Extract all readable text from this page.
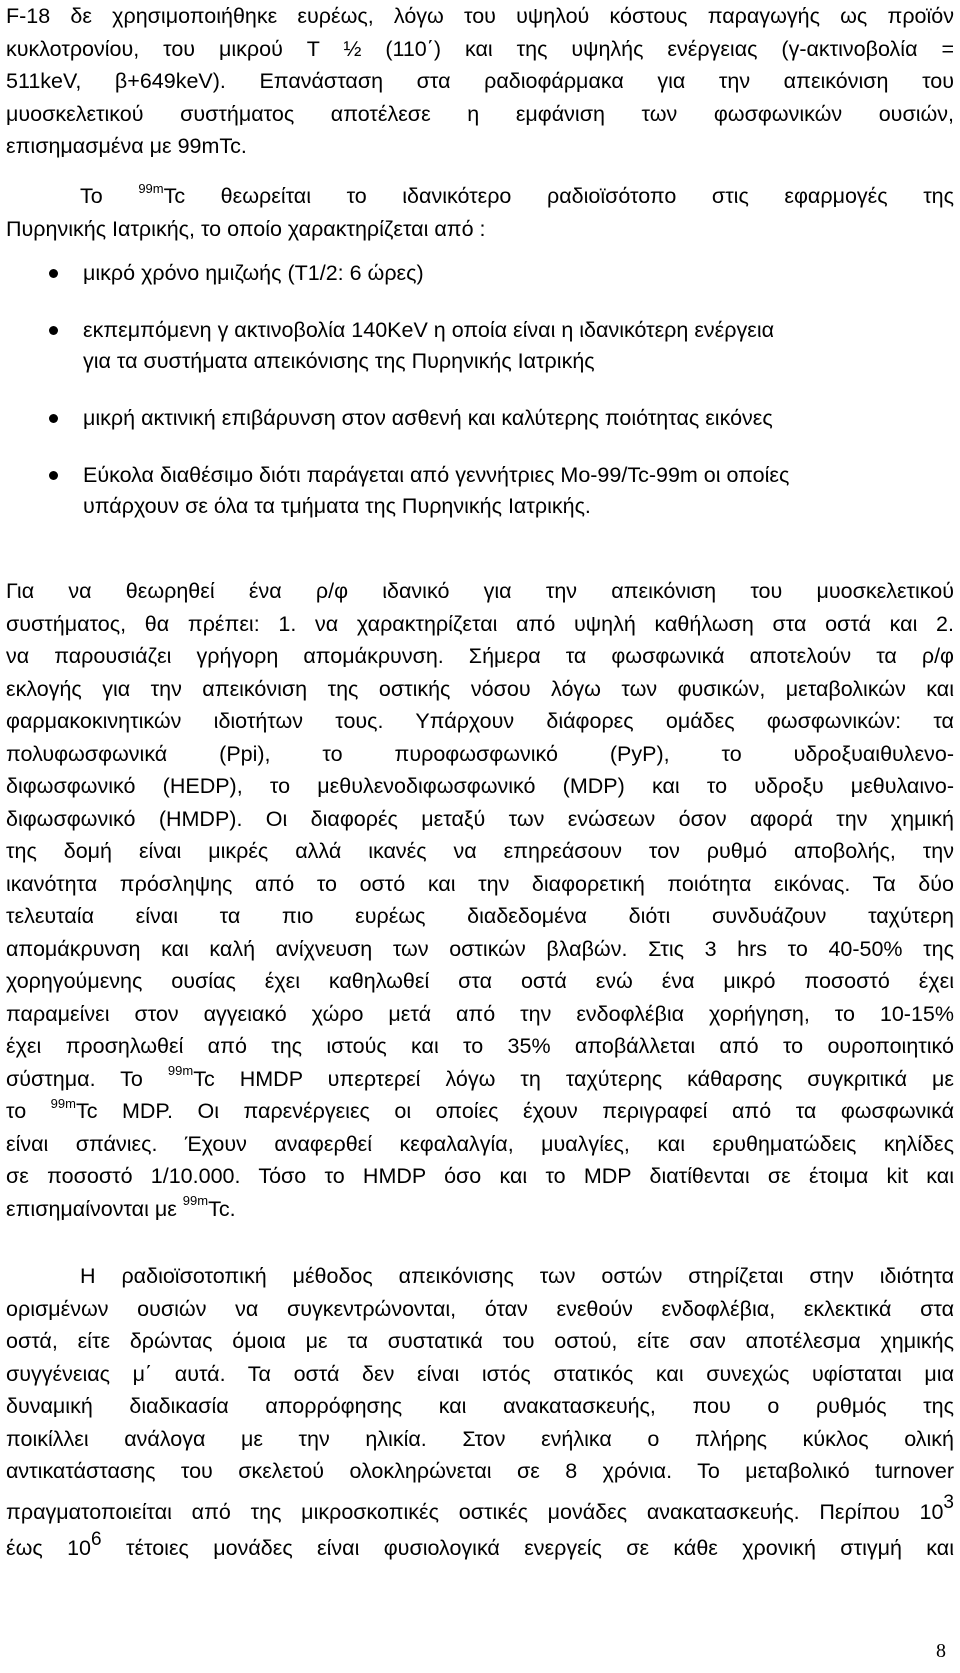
F-18 δε χρησιμοποιήθηκε ευρέως, λόγω του υψηλού κόστους παραγωγής ως προϊόν
κυκλοτρονίου, του μικρού T ½ (110΄) και της υψηλής ενέργειας (γ-ακτινοβολία =
511keV, β+649keV). Επανάσταση στα ραδιοφάρμακα για την απεικόνιση του
μυοσκελετικού συστήματος αποτέλεσε η εμφάνιση των φωσφωνικών ουσιών,
επισημασμένα με 99mTc.
Το $^{99m}$Tc θεωρείται το ιδανικότερο ραδιοϊσότοπο στις εφαρμογές της
Πυρηνικής Ιατρικής, το οποίο χαρακτηρίζεται από :
μικρό χρόνο ημιζωής (Τ1/2: 6 ώρες)
εκπεμπόμενη γ ακτινοβολία 140KeV η οποία είναι η ιδανικότερη ενέργεια
για τα συστήματα απεικόνισης της Πυρηνικής Ιατρικής
μικρή ακτινική επιβάρυνση στον ασθενή και καλύτερης ποιότητας εικόνες
Εύκολα διαθέσιμο διότι παράγεται από γεννήτριες Mo-99/Tc-99m οι οποίες
υπάρχουν σε όλα τα τμήματα της Πυρηνικής Ιατρικής.
Για να θεωρηθεί ένα ρ/φ ιδανικό για την απεικόνιση του μυοσκελετικού
συστήματος, θα πρέπει: 1. να χαρακτηρίζεται από υψηλή καθήλωση στα οστά και 2.
να παρουσιάζει γρήγορη απομάκρυνση. Σήμερα τα φωσφωνικά αποτελούν τα ρ/φ
εκλογής για την απεικόνιση της οστικής νόσου λόγω των φυσικών, μεταβολικών και
φαρμακοκινητικών ιδιοτήτων τους. Υπάρχουν διάφορες ομάδες φωσφωνικών: τα
πολυφωσφωνικά (Ppi), το πυροφωσφωνικό (PyP), το υδροξυαιθυλενο-
διφωσφωνικό (HEDP), το μεθυλενοδιφωσφωνικό (MDP) και το υδροξυ μεθυλαινο-
διφωσφωνικό (HMDP). Οι διαφορές μεταξύ των ενώσεων όσον αφορά την χημική
της δομή είναι μικρές αλλά ικανές να επηρεάσουν τον ρυθμό αποβολής, την
ικανότητα πρόσληψης από το οστό και την διαφορετική ποιότητα εικόνας. Τα δύο
τελευταία είναι τα πιο ευρέως διαδεδομένα διότι συνδυάζουν ταχύτερη
απομάκρυνση και καλή ανίχνευση των οστικών βλαβών. Στις 3 hrs το 40-50% της
χορηγούμενης ουσίας έχει καθηλωθεί στα οστά ενώ ένα μικρό ποσοστό έχει
παραμείνει στον αγγειακό χώρο μετά από την ενδοφλέβια χορήγηση, το 10-15%
έχει προσηλωθεί από της ιστούς και το 35% αποβάλλεται από το ουροποιητικό
σύστημα. Το $^{99m}$Tc HMDP υπερτερεί λόγω τη ταχύτερης κάθαρσης συγκριτικά με
το $^{99m}$Tc MDP. Οι παρενέργειες οι οποίες έχουν περιγραφεί από τα φωσφωνικά
είναι σπάνιες. Έχουν αναφερθεί κεφαλαλγία, μυαλγίες, και ερυθηματώδεις κηλίδες
σε ποσοστό 1/10.000. Τόσο το HMDP όσο και το MDP διατίθενται σε έτοιμα kit και
επισημαίνονται με $^{99m}$Tc.
Η ραδιοϊσοτοπική μέθοδος απεικόνισης των οστών στηρίζεται στην ιδιότητα
ορισμένων ουσιών να συγκεντρώνονται, όταν ενεθούν ενδοφλέβια, εκλεκτικά στα
οστά, είτε δρώντας όμοια με τα συστατικά του οστού, είτε σαν αποτέλεσμα χημικής
συγγένειας μ΄ αυτά. Τα οστά δεν είναι ιστός στατικός και συνεχώς υφίσταται μια
δυναμική διαδικασία απορρόφησης και ανακατασκευής, που ο ρυθμός της
ποικίλλει ανάλογα με την ηλικία. Στον ενήλικα ο πλήρης κύκλος ολική
αντικατάστασης του σκελετού ολοκληρώνεται σε 8 χρόνια. Το μεταβολικό turnover
πραγματοποιείται από της μικροσκοπικές οστικές μονάδες ανακατασκευής. Περίπου $10^3$
έως $10^6$ τέτοιες μονάδες είναι φυσιολογικά ενεργείς σε κάθε χρονική στιγμή και
8
